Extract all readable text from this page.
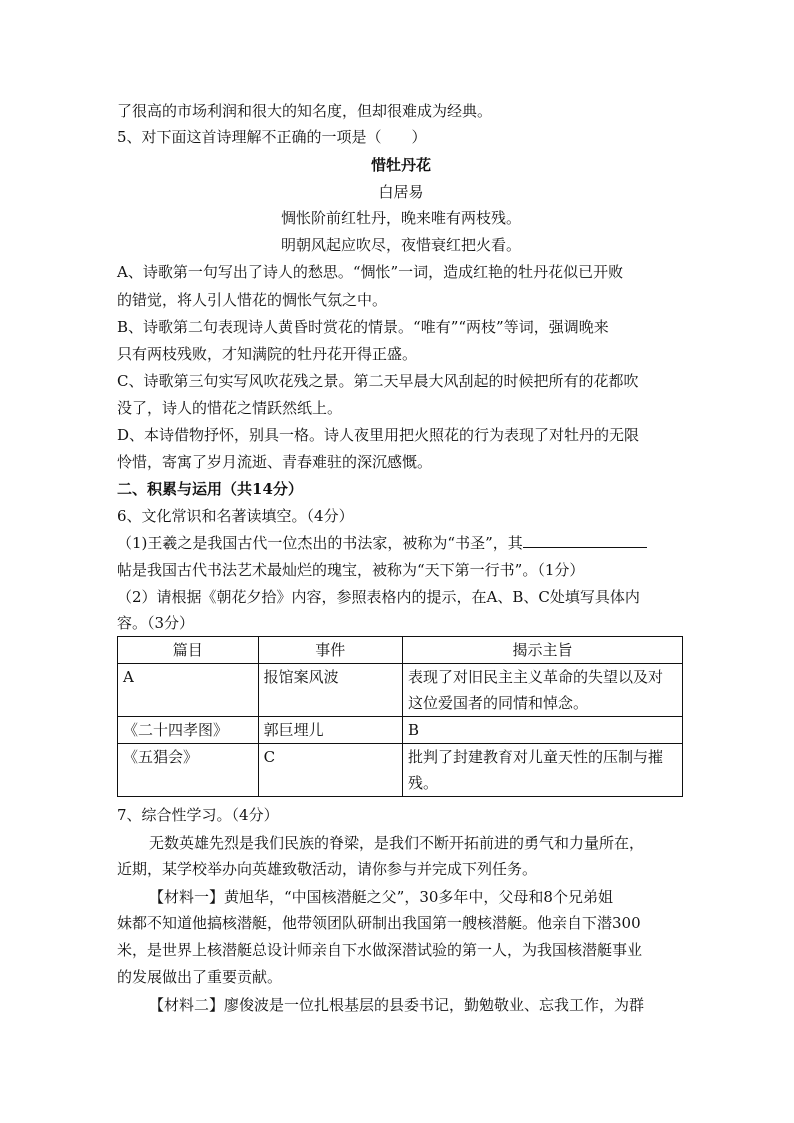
了很高的市场利润和很大的知名度，但却很难成为经典。
5、对下面这首诗理解不正确的一项是（　　）
惜牡丹花
白居易
惆怅阶前红牡丹，晚来唯有两枝残。
明朝风起应吹尽，夜惜衰红把火看。
A、诗歌第一句写出了诗人的愁思。“惆怅”一词，造成红艳的牡丹花似已开败
的错觉，将人引人惜花的惆怅气氛之中。
B、诗歌第二句表现诗人黄昏时赏花的情景。“唯有”“两枝”等词，强调晚来
只有两枝残败，才知满院的牡丹花开得正盛。
C、诗歌第三句实写风吹花残之景。第二天早晨大风刮起的时候把所有的花都吹
没了，诗人的惜花之情跃然纸上。
D、本诗借物抒怀，别具一格。诗人夜里用把火照花的行为表现了对牡丹的无限
怜惜，寄寓了岁月流逝、青春难驻的深沉感慨。
二、积累与运用（共14分）
6、文化常识和名著读填空。（4分）
（1)王羲之是我国古代一位杰出的书法家，被称为“书圣”，其
帖是我国古代书法艺术最灿烂的瑰宝，被称为“天下第一行书”。（1分）
（2）请根据《朝花夕拾》内容，参照表格内的提示，在A、B、C处填写具体内
容。（3分）
篇目	事件	揭示主旨
A	报馆案风波	表现了对旧民主主义革命的失望以及对这位爱国者的同情和悼念。
《二十四孝图》	郭巨埋儿	B
《五猖会》	C	批判了封建教育对儿童天性的压制与摧残。
7、综合性学习。（4分）
无数英雄先烈是我们民族的脊梁，是我们不断开拓前进的勇气和力量所在，
近期，某学校举办向英雄致敬活动，请你参与并完成下列任务。
【材料一】黄旭华，“中国核潜艇之父”，30多年中，父母和8个兄弟姐
妹都不知道他搞核潜艇，他带领团队研制出我国第一艘核潜艇。他亲自下潜300
米，是世界上核潜艇总设计师亲自下水做深潜试验的第一人，为我国核潜艇事业
的发展做出了重要贡献。
【材料二】廖俊波是一位扎根基层的县委书记，勤勉敬业、忘我工作，为群
